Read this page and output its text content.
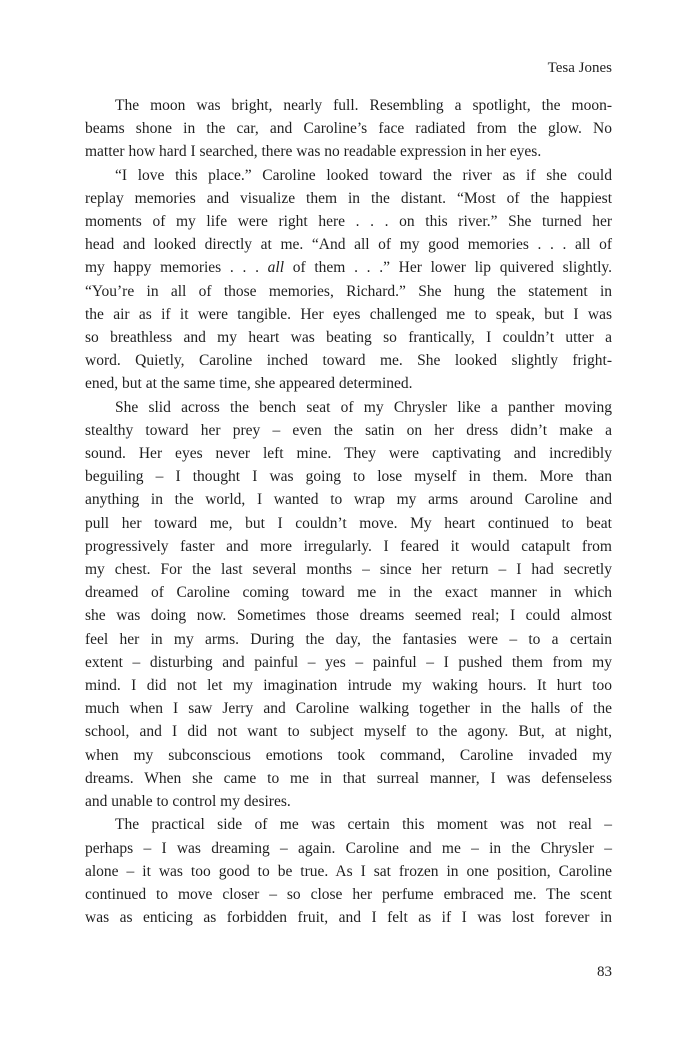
Tesa Jones
The moon was bright, nearly full. Resembling a spotlight, the moon-
beams shone in the car, and Caroline’s face radiated from the glow. No
matter how hard I searched, there was no readable expression in her eyes.
“I love this place.” Caroline looked toward the river as if she could
replay memories and visualize them in the distant. “Most of the happiest
moments of my life were right here . . . on this river.” She turned her
head and looked directly at me. “And all of my good memories . . . all of
my happy memories . . . all of them . . .” Her lower lip quivered slightly.
“You’re in all of those memories, Richard.” She hung the statement in
the air as if it were tangible. Her eyes challenged me to speak, but I was
so breathless and my heart was beating so frantically, I couldn’t utter a
word. Quietly, Caroline inched toward me. She looked slightly fright-
ened, but at the same time, she appeared determined.
She slid across the bench seat of my Chrysler like a panther moving
stealthy toward her prey – even the satin on her dress didn’t make a
sound. Her eyes never left mine. They were captivating and incredibly
beguiling – I thought I was going to lose myself in them. More than
anything in the world, I wanted to wrap my arms around Caroline and
pull her toward me, but I couldn’t move. My heart continued to beat
progressively faster and more irregularly. I feared it would catapult from
my chest. For the last several months – since her return – I had secretly
dreamed of Caroline coming toward me in the exact manner in which
she was doing now. Sometimes those dreams seemed real; I could almost
feel her in my arms. During the day, the fantasies were – to a certain
extent – disturbing and painful – yes – painful – I pushed them from my
mind. I did not let my imagination intrude my waking hours. It hurt too
much when I saw Jerry and Caroline walking together in the halls of the
school, and I did not want to subject myself to the agony. But, at night,
when my subconscious emotions took command, Caroline invaded my
dreams. When she came to me in that surreal manner, I was defenseless
and unable to control my desires.
The practical side of me was certain this moment was not real –
perhaps – I was dreaming – again. Caroline and me – in the Chrysler –
alone – it was too good to be true. As I sat frozen in one position, Caroline
continued to move closer – so close her perfume embraced me. The scent
was as enticing as forbidden fruit, and I felt as if I was lost forever in
83
